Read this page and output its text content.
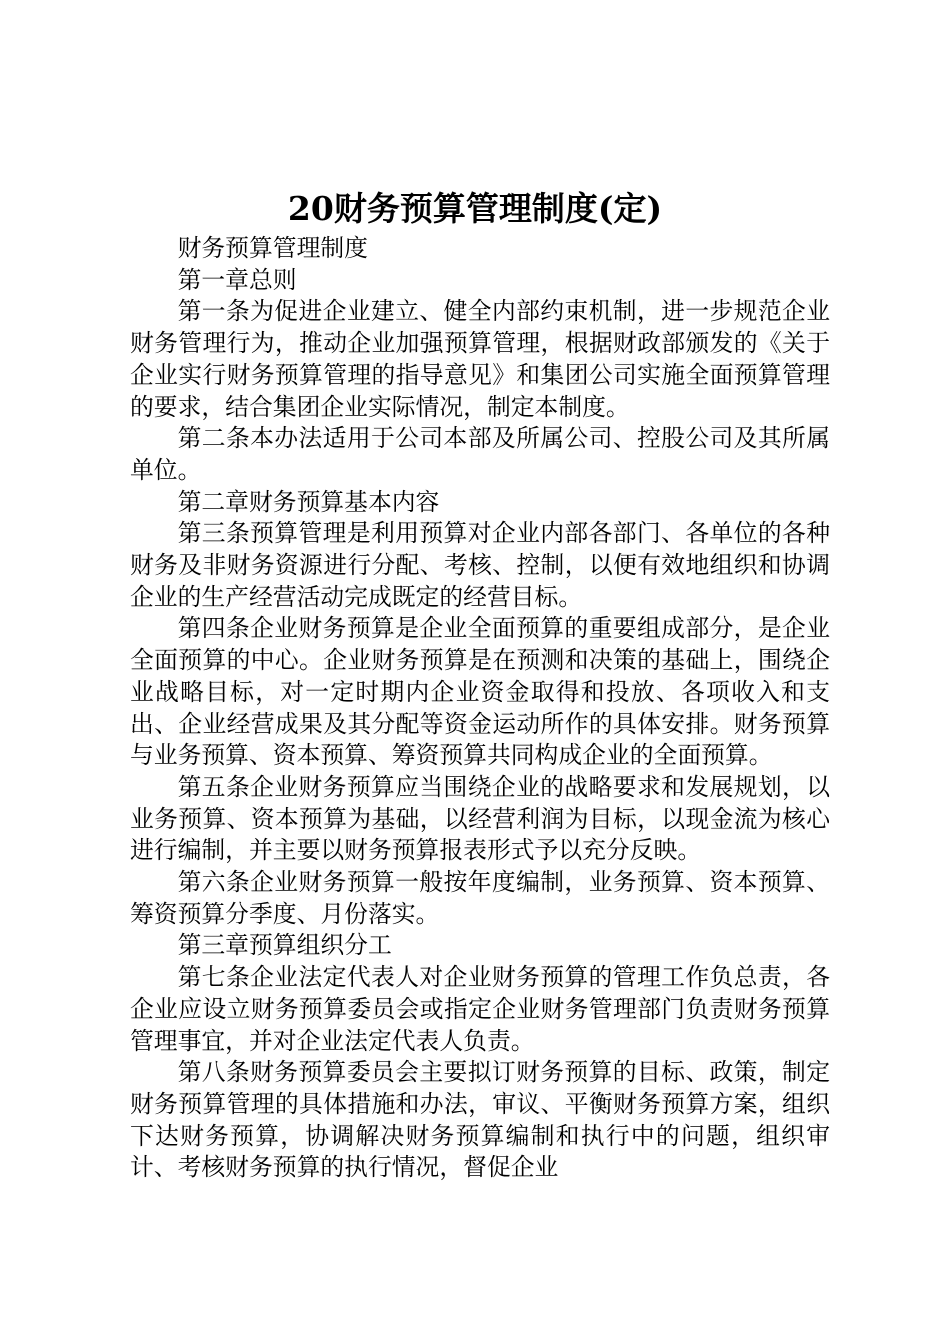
20财务预算管理制度(定)

财务预算管理制度

第一章总则

第一条为促进企业建立、健全内部约束机制，进一步规范企业财务管理行为，推动企业加强预算管理，根据财政部颁发的《关于企业实行财务预算管理的指导意见》和集团公司实施全面预算管理的要求，结合集团企业实际情况，制定本制度。

第二条本办法适用于公司本部及所属公司、控股公司及其所属单位。

第二章财务预算基本内容

第三条预算管理是利用预算对企业内部各部门、各单位的各种财务及非财务资源进行分配、考核、控制，以便有效地组织和协调企业的生产经营活动完成既定的经营目标。

第四条企业财务预算是企业全面预算的重要组成部分，是企业全面预算的中心。企业财务预算是在预测和决策的基础上，围绕企业战略目标，对一定时期内企业资金取得和投放、各项收入和支出、企业经营成果及其分配等资金运动所作的具体安排。财务预算与业务预算、资本预算、筹资预算共同构成企业的全面预算。

第五条企业财务预算应当围绕企业的战略要求和发展规划，以业务预算、资本预算为基础，以经营利润为目标，以现金流为核心进行编制，并主要以财务预算报表形式予以充分反映。

第六条企业财务预算一般按年度编制，业务预算、资本预算、筹资预算分季度、月份落实。

第三章预算组织分工

第七条企业法定代表人对企业财务预算的管理工作负总责，各企业应设立财务预算委员会或指定企业财务管理部门负责财务预算管理事宜，并对企业法定代表人负责。

第八条财务预算委员会主要拟订财务预算的目标、政策，制定财务预算管理的具体措施和办法，审议、平衡财务预算方案，组织下达财务预算，协调解决财务预算编制和执行中的问题，组织审计、考核财务预算的执行情况，督促企业
